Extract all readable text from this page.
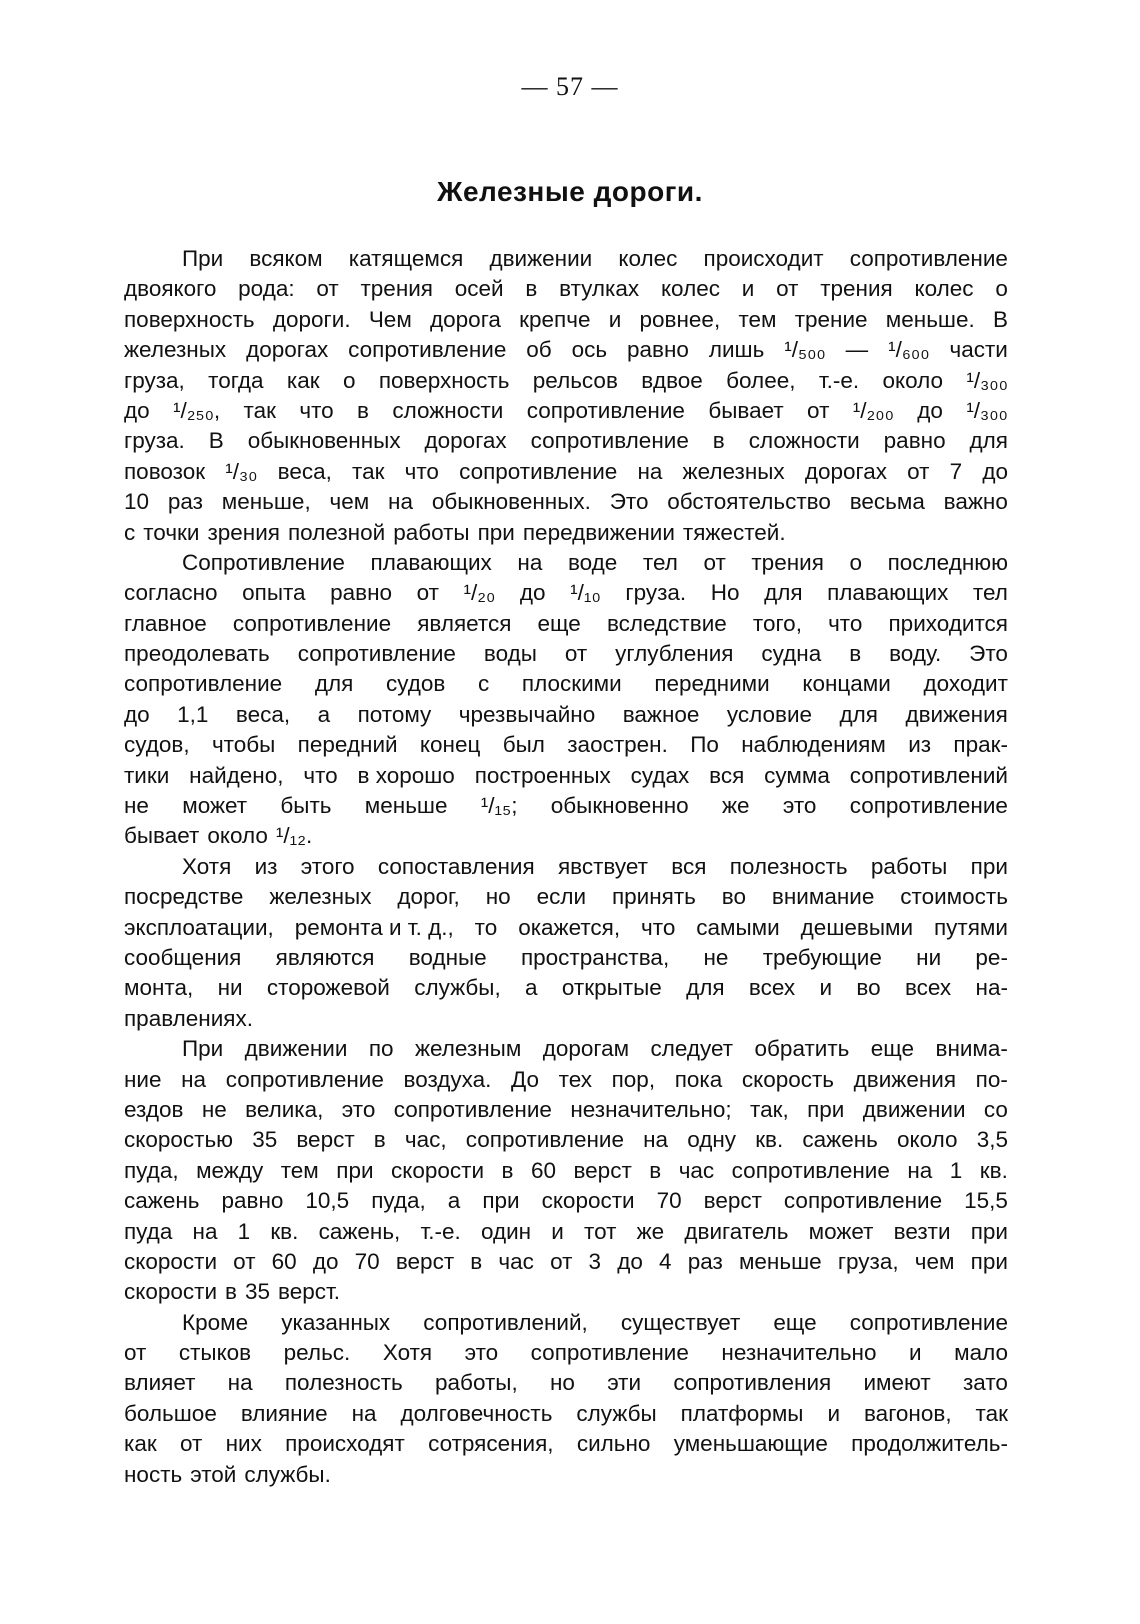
— 57 —
Железные дороги.

При всяком катящемся движении колес происходит сопротивление
двоякого рода: от трения осей в втулках колес и от трения колес о
поверхность дороги. Чем дорога крепче и ровнее, тем трение меньше. В
железных дорогах сопротивление об ось равно лишь ¹/₅₀₀ — ¹/₆₀₀ части
груза, тогда как о поверхность рельсов вдвое более, т.-е. около ¹/₃₀₀
до ¹/₂₅₀, так что в сложности сопротивление бывает от ¹/₂₀₀ до ¹/₃₀₀
груза. В обыкновенных дорогах сопротивление в сложности равно для
повозок ¹/₃₀ веса, так что сопротивление на железных дорогах от 7 до
10 раз меньше, чем на обыкновенных. Это обстоятельство весьма важно
с точки зрения полезной работы при передвижении тяжестей.

Сопротивление плавающих на воде тел от трения о последнюю
согласно опыта равно от ¹/₂₀ до ¹/₁₀ груза. Но для плавающих тел
главное сопротивление является еще вследствие того, что приходится
преодолевать сопротивление воды от углубления судна в воду. Это
сопротивление для судов с плоскими передними концами доходит
до 1,1 веса, а потому чрезвычайно важное условие для движения
судов, чтобы передний конец был заострен. По наблюдениям из прак-
тики найдено, что в хорошо построенных судах вся сумма сопротивлений
не может быть меньше ¹/₁₅; обыкновенно же это сопротивление
бывает около ¹/₁₂.

Хотя из этого сопоставления явствует вся полезность работы при
посредстве железных дорог, но если принять во внимание стоимость
эксплоатации, ремонта и т. д., то окажется, что самыми дешевыми путями
сообщения являются водные пространства, не требующие ни ре-
монта, ни сторожевой службы, а открытые для всех и во всех на-
правлениях.

При движении по железным дорогам следует обратить еще внима-
ние на сопротивление воздуха. До тех пор, пока скорость движения по-
ездов не велика, это сопротивление незначительно; так, при движении со
скоростью 35 верст в час, сопротивление на одну кв. сажень около 3,5
пуда, между тем при скорости в 60 верст в час сопротивление на 1 кв.
сажень равно 10,5 пуда, а при скорости 70 верст сопротивление 15,5
пуда на 1 кв. сажень, т.-е. один и тот же двигатель может везти при
скорости от 60 до 70 верст в час от 3 до 4 раз меньше груза, чем при
скорости в 35 верст.

Кроме указанных сопротивлений, существует еще сопротивление
от стыков рельс. Хотя это сопротивление незначительно и мало
влияет на полезность работы, но эти сопротивления имеют зато
большое влияние на долговечность службы платформы и вагонов, так
как от них происходят сотрясения, сильно уменьшающие продолжитель-
ность этой службы.
